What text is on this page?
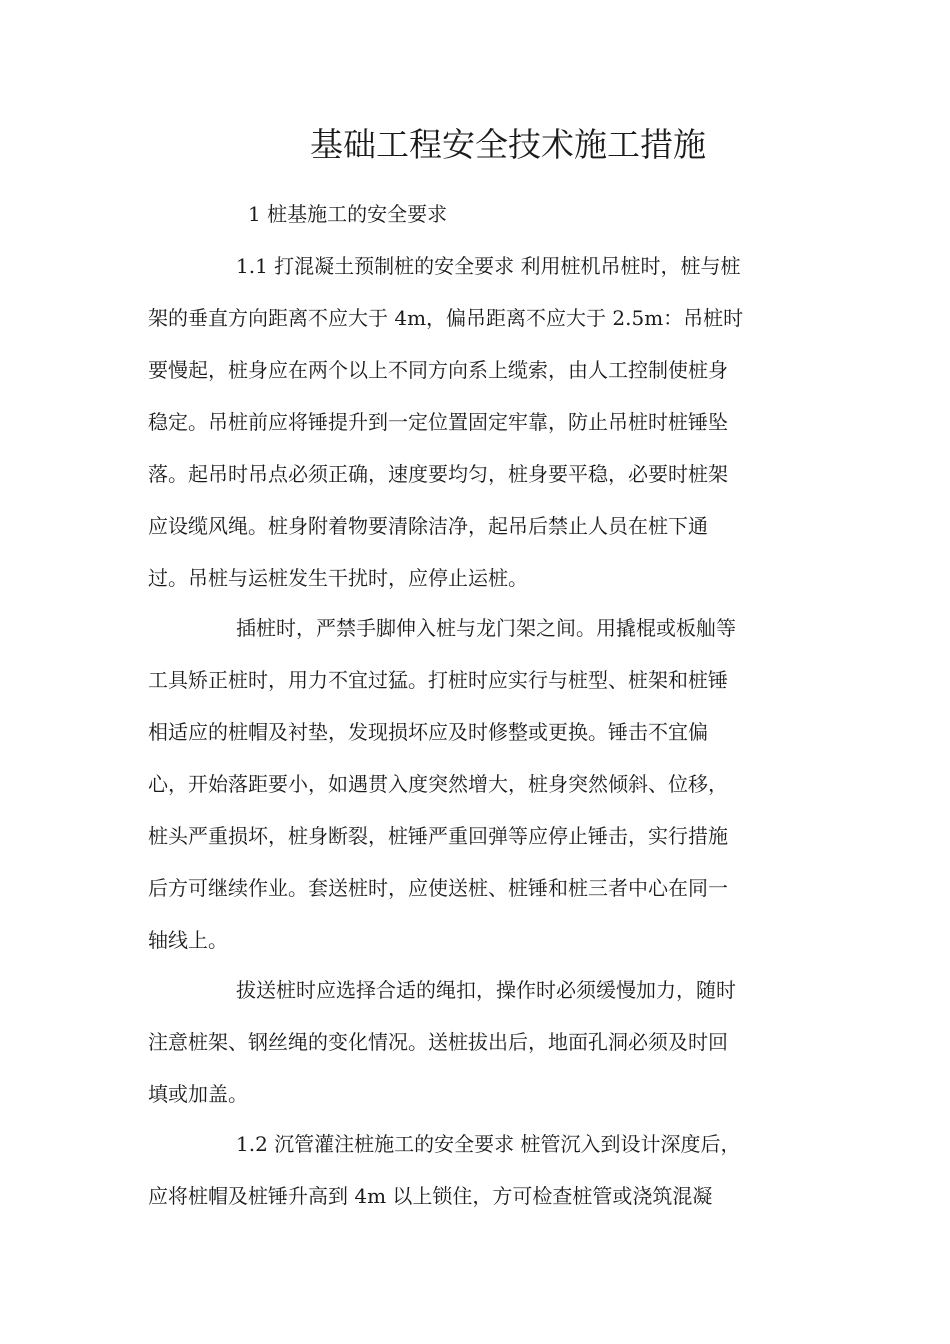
基础工程安全技术施工措施

1 桩基施工的安全要求

1.1 打混凝土预制桩的安全要求 利用桩机吊桩时，桩与桩

架的垂直方向距离不应大于 4m，偏吊距离不应大于 2.5m：吊桩时

要慢起，桩身应在两个以上不同方向系上缆索，由人工控制使桩身

稳定。吊桩前应将锤提升到一定位置固定牢靠，防止吊桩时桩锤坠

落。起吊时吊点必须正确，速度要均匀，桩身要平稳，必要时桩架

应设缆风绳。桩身附着物要清除洁净，起吊后禁止人员在桩下通

过。吊桩与运桩发生干扰时，应停止运桩。

插桩时，严禁手脚伸入桩与龙门架之间。用撬棍或板舢等

工具矫正桩时，用力不宜过猛。打桩时应实行与桩型、桩架和桩锤

相适应的桩帽及衬垫，发现损坏应及时修整或更换。锤击不宜偏

心，开始落距要小，如遇贯入度突然增大，桩身突然倾斜、位移，

桩头严重损坏，桩身断裂，桩锤严重回弹等应停止锤击，实行措施

后方可继续作业。套送桩时，应使送桩、桩锤和桩三者中心在同一

轴线上。

拔送桩时应选择合适的绳扣，操作时必须缓慢加力，随时

注意桩架、钢丝绳的变化情况。送桩拔出后，地面孔洞必须及时回

填或加盖。

1.2 沉管灌注桩施工的安全要求 桩管沉入到设计深度后，

应将桩帽及桩锤升高到 4m 以上锁住，方可检查桩管或浇筑混凝
